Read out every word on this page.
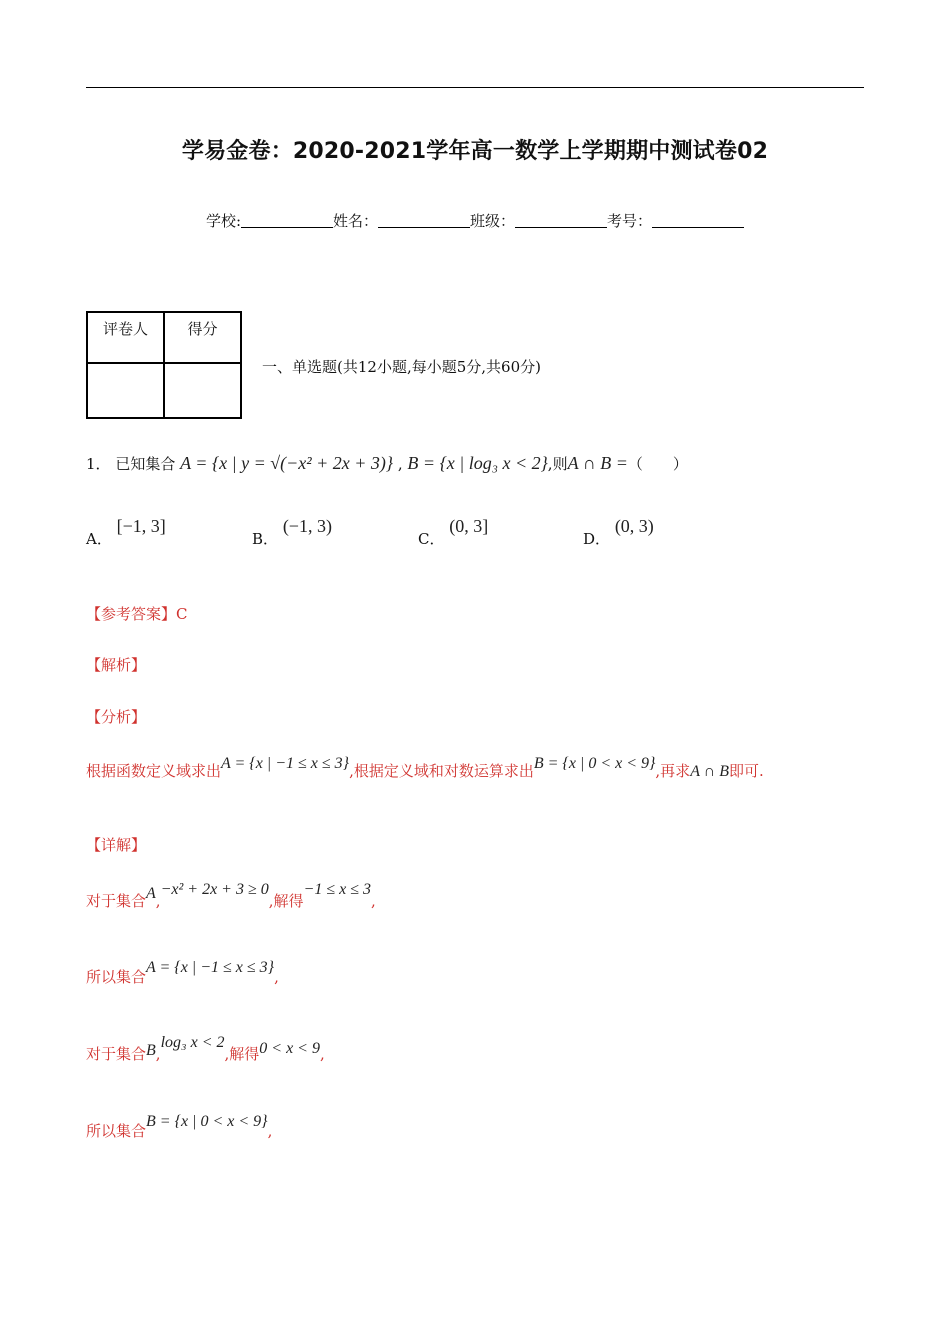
学易金卷：2020-2021学年高一数学上学期期中测试卷02
学校:	姓名：	班级：	考号：
评卷人	得分

一、单选题(共12小题,每小题5分,共60分)
1． 已知集合 A = {x | y = √(−x² + 2x + 3)} , B = {x | log₃ x < 2},则A ∩ B =（　　）
A． [−1, 3]
B． (−1, 3)
C． (0, 3]
D． (0, 3)
【参考答案】C
【解析】
【分析】
根据函数定义域求出A = {x | −1 ≤ x ≤ 3},根据定义域和对数运算求出B = {x | 0 < x < 9},再求A ∩ B即可.
【详解】
对于集合A,−x² + 2x + 3 ≥ 0,解得−1 ≤ x ≤ 3,
所以集合A = {x | −1 ≤ x ≤ 3},
对于集合B,log₃ x < 2,解得0 < x < 9,
所以集合B = {x | 0 < x < 9},
